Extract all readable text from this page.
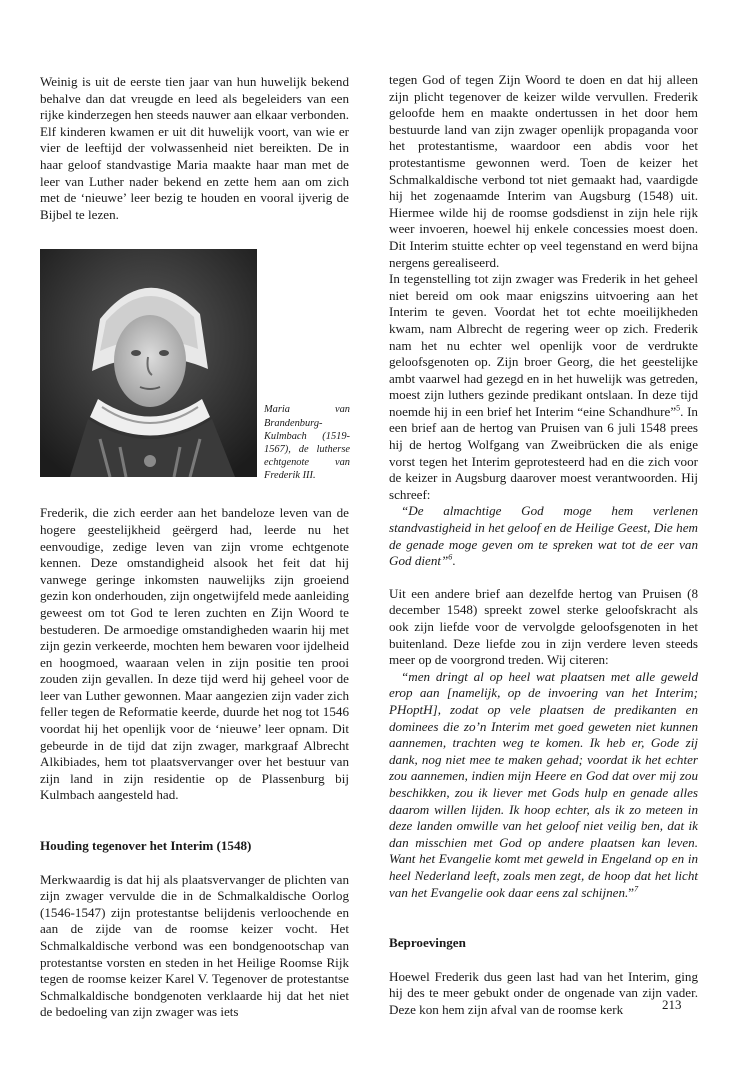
Weinig is uit de eerste tien jaar van hun huwelijk bekend behalve dan dat vreugde en leed als begeleiders van een rijke kinderzegen hen steeds nauwer aan elkaar verbonden. Elf kinderen kwamen er uit dit huwelijk voort, van wie er vier de leeftijd der volwassenheid niet bereikten. De in haar geloof standvastige Maria maakte haar man met de leer van Luther nader bekend en zette hem aan om zich met de ‘nieuwe’ leer bezig te houden en vooral ijverig de Bijbel te lezen.

Maria van Brandenburg-Kulmbach (1519-1567), de lutherse echtgenote van Frederik III.

Frederik, die zich eerder aan het bandeloze leven van de hogere geestelijkheid geërgerd had, leerde nu het eenvoudige, zedige leven van zijn vrome echtgenote kennen. Deze omstandigheid alsook het feit dat hij vanwege geringe inkomsten nauwelijks zijn groeiend gezin kon onderhouden, zijn ongetwijfeld mede aanleiding geweest om tot God te leren zuchten en Zijn Woord te bestuderen. De armoedige omstandigheden waarin hij met zijn gezin verkeerde, mochten hem bewaren voor ijdelheid en hoogmoed, waaraan velen in zijn positie ten prooi zouden zijn gevallen. In deze tijd werd hij geheel voor de leer van Luther gewonnen. Maar aangezien zijn vader zich feller tegen de Reformatie keerde, duurde het nog tot 1546 voordat hij het openlijk voor de ‘nieuwe’ leer opnam. Dit gebeurde in de tijd dat zijn zwager, markgraaf Albrecht Alkibiades, hem tot plaatsvervanger over het bestuur van zijn land in zijn residentie op de Plassenburg bij Kulmbach aangesteld had.

Houding tegenover het Interim (1548)

Merkwaardig is dat hij als plaatsvervanger de plichten van zijn zwager vervulde die in de Schmalkaldische Oorlog (1546-1547) zijn protestantse belijdenis verloochende en aan de zijde van de roomse keizer vocht. Het Schmalkaldische verbond was een bondgenootschap van protestantse vorsten en steden in het Heilige Roomse Rijk tegen de roomse keizer Karel V. Tegenover de protestantse Schmalkaldische bondgenoten verklaarde hij dat het niet de bedoeling van zijn zwager was iets

tegen God of tegen Zijn Woord te doen en dat hij alleen zijn plicht tegenover de keizer wilde vervullen. Frederik geloofde hem en maakte ondertussen in het door hem bestuurde land van zijn zwager openlijk propaganda voor het protestantisme, waardoor een abdis voor het protestantisme gewonnen werd. Toen de keizer het Schmalkaldische verbond tot niet gemaakt had, vaardigde hij het zogenaamde Interim van Augsburg (1548) uit. Hiermee wilde hij de roomse godsdienst in zijn hele rijk weer invoeren, hoewel hij enkele concessies moest doen. Dit Interim stuitte echter op veel tegenstand en werd bijna nergens gerealiseerd.

In tegenstelling tot zijn zwager was Frederik in het geheel niet bereid om ook maar enigszins uitvoering aan het Interim te geven. Voordat het tot echte moeilijkheden kwam, nam Albrecht de regering weer op zich. Frederik nam het nu echter wel openlijk voor de verdrukte geloofsgenoten op. Zijn broer Georg, die het geestelijke ambt vaarwel had gezegd en in het huwelijk was getreden, moest zijn luthers gezinde predikant ontslaan. In deze tijd noemde hij in een brief het Interim “eine Schandhure”$^5$. In een brief aan de hertog van Pruisen van 6 juli 1548 prees hij de hertog Wolfgang van Zweibrücken die als enige vorst tegen het Interim geprotesteerd had en die zich voor de keizer in Augsburg daarover moest verantwoorden. Hij schreef:

“De almachtige God moge hem verlenen standvastigheid in het geloof en de Heilige Geest, Die hem de genade moge geven om te spreken wat tot de eer van God dient”$^6$.

Uit een andere brief aan dezelfde hertog van Pruisen (8 december 1548) spreekt zowel sterke geloofskracht als ook zijn liefde voor de vervolgde geloofsgenoten in het buitenland. Deze liefde zou in zijn verdere leven steeds meer op de voorgrond treden. Wij citeren:

“men dringt al op heel wat plaatsen met alle geweld erop aan [namelijk, op de invoering van het Interim; PHoptH], zodat op vele plaatsen de predikanten en dominees die zo’n Interim met goed geweten niet kunnen aannemen, trachten weg te komen. Ik heb er, Gode zij dank, nog niet mee te maken gehad; voordat ik het echter zou aannemen, indien mijn Heere en God dat over mij zou beschikken, zou ik liever met Gods hulp en genade alles daarom willen lijden. Ik hoop echter, als ik zo meteen in deze landen omwille van het geloof niet veilig ben, dat ik dan misschien met God op andere plaatsen kan leven. Want het Evangelie komt met geweld in Engeland op en in heel Nederland leeft, zoals men zegt, de hoop dat het licht van het Evangelie ook daar eens zal schijnen.”$^7$

Beproevingen

Hoewel Frederik dus geen last had van het Interim, ging hij des te meer gebukt onder de ongenade van zijn vader. Deze kon hem zijn afval van de roomse kerk	213
